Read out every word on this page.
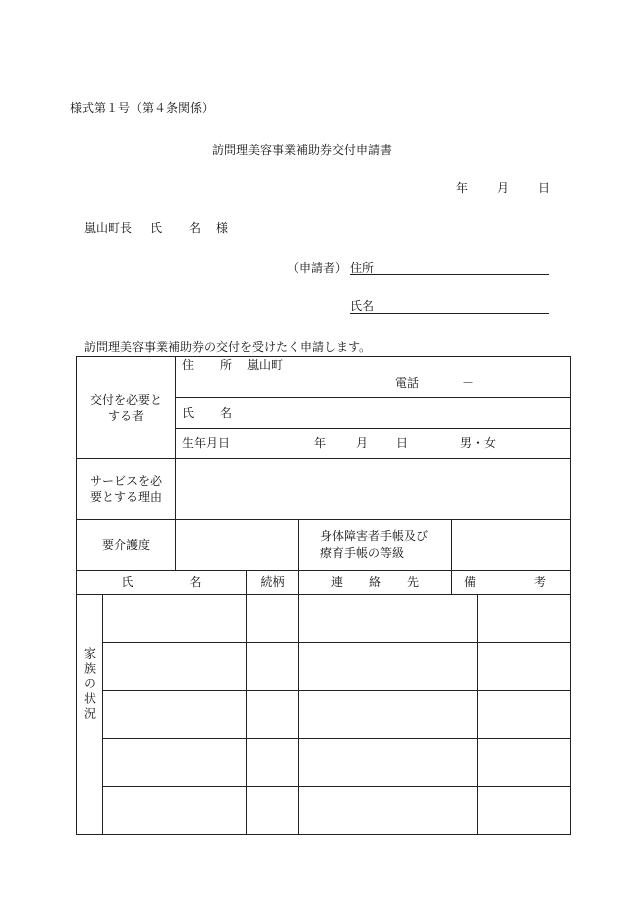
様式第１号（第４条関係）
訪問理美容事業補助券交付申請書
年 月 日
嵐山町長 氏 名 様
（申請者） 住所
氏名
訪問理美容事業補助券の交付を受けたく申請します。
交付を必要とする者		住 所 嵐山町
電話 －				

		氏 名				

		生年月日 年 月 日 男・女				

サービスを必要とする理由						

要介護度				身体障害者手帳及び療育手帳の等級		

氏 名			続柄	連 絡 先	備 考	

家族の状況						
